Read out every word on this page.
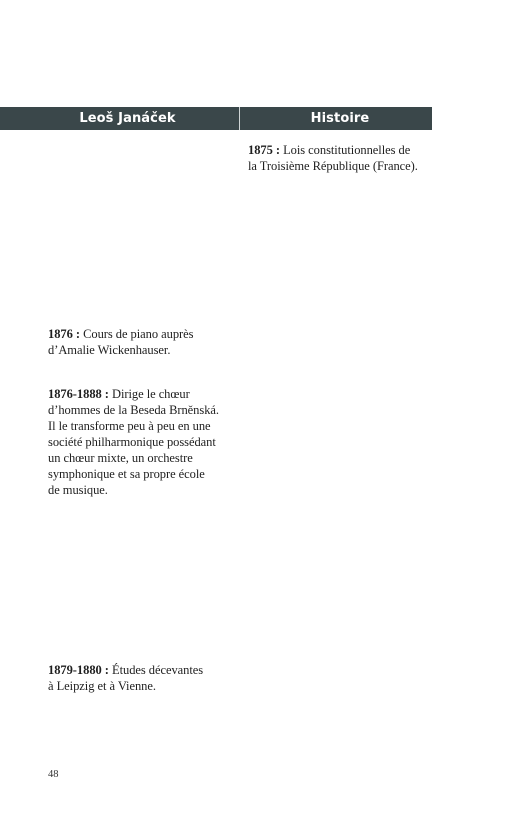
Leoš Janáček	Histoire
1875 : Lois constitutionnelles de
la Troisième République (France).
1876 : Cours de piano auprès
d’Amalie Wickenhauser.
1876-1888 : Dirige le chœur
d’hommes de la Beseda Brněnská.
Il le transforme peu à peu en une
société philharmonique possédant
un chœur mixte, un orchestre
symphonique et sa propre école
de musique.
1879-1880 : Études décevantes
à Leipzig et à Vienne.
48
